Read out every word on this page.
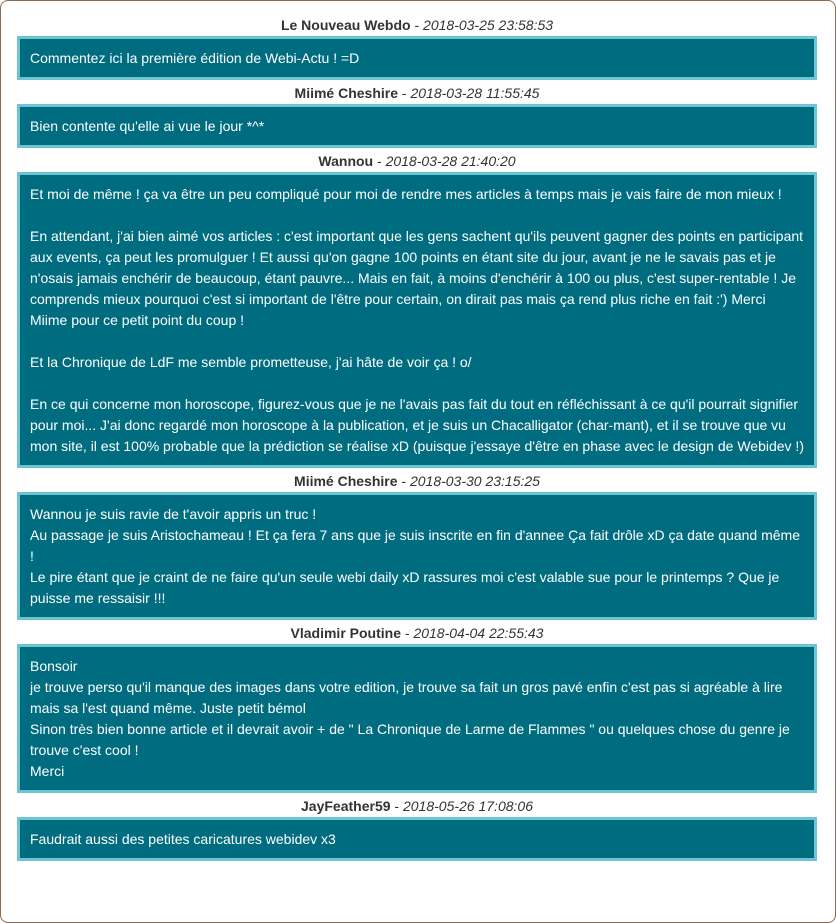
Le Nouveau Webdo - 2018-03-25 23:58:53
Commentez ici la première édition de Webi-Actu ! =D
Miimé Cheshire - 2018-03-28 11:55:45
Bien contente qu'elle ai vue le jour *^*
Wannou - 2018-03-28 21:40:20
Et moi de même ! ça va être un peu compliqué pour moi de rendre mes articles à temps mais je vais faire de mon mieux !

En attendant, j'ai bien aimé vos articles : c'est important que les gens sachent qu'ils peuvent gagner des points en participant aux events, ça peut les promulguer ! Et aussi qu'on gagne 100 points en étant site du jour, avant je ne le savais pas et je n'osais jamais enchérir de beaucoup, étant pauvre... Mais en fait, à moins d'enchérir à 100 ou plus, c'est super-rentable ! Je comprends mieux pourquoi c'est si important de l'être pour certain, on dirait pas mais ça rend plus riche en fait :') Merci Miime pour ce petit point du coup !

Et la Chronique de LdF me semble prometteuse, j'ai hâte de voir ça ! o/

En ce qui concerne mon horoscope, figurez-vous que je ne l'avais pas fait du tout en réfléchissant à ce qu'il pourrait signifier pour moi... J'ai donc regardé mon horoscope à la publication, et je suis un Chacalligator (char-mant), et il se trouve que vu mon site, il est 100% probable que la prédiction se réalise xD (puisque j'essaye d'être en phase avec le design de Webidev !)
Miimé Cheshire - 2018-03-30 23:15:25
Wannou je suis ravie de t'avoir appris un truc !
Au passage je suis Aristochameau ! Et ça fera 7 ans que je suis inscrite en fin d'annee Ça fait drôle xD ça date quand même !
Le pire étant que je craint de ne faire qu'un seule webi daily xD rassures moi c'est valable sue pour le printemps ? Que je puisse me ressaisir !!!
Vladimir Poutine - 2018-04-04 22:55:43
Bonsoir
je trouve perso qu'il manque des images dans votre edition, je trouve sa fait un gros pavé enfin c'est pas si agréable à lire mais sa l'est quand même. Juste petit bémol
Sinon très bien bonne article et il devrait avoir + de " La Chronique de Larme de Flammes " ou quelques chose du genre je trouve c'est cool !
Merci
JayFeather59 - 2018-05-26 17:08:06
Faudrait aussi des petites caricatures webidev x3
